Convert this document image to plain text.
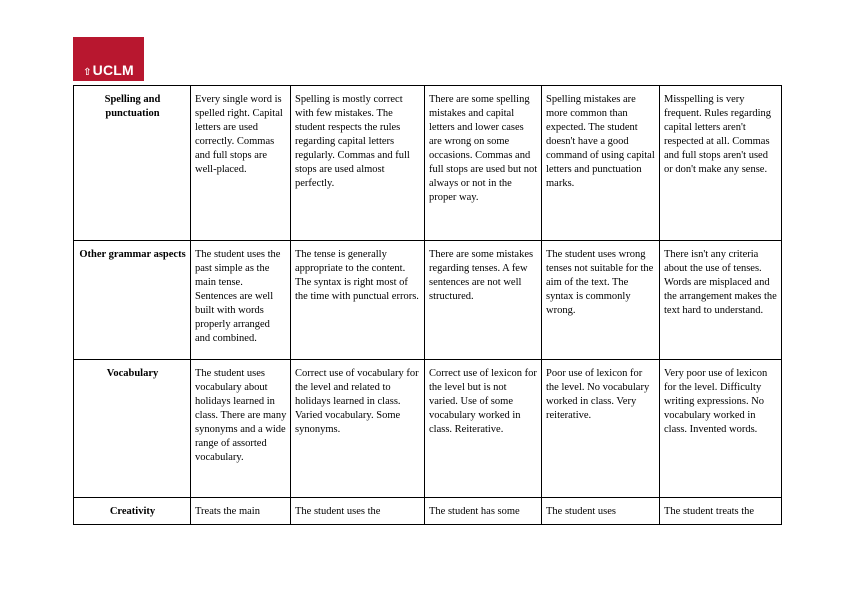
⇧ UCLM
Spelling and punctuation	Every single word is spelled right. Capital letters are used correctly. Commas and full stops are well-placed.	Spelling is mostly correct with few mistakes. The student respects the rules regarding capital letters regularly. Commas and full stops are used almost perfectly.	There are some spelling mistakes and capital letters and lower cases are wrong on some occasions. Commas and full stops are used but not always or not in the proper way.	Spelling mistakes are more common than expected. The student doesn't have a good command of using capital letters and punctuation marks.	Misspelling is very frequent. Rules regarding capital letters aren't respected at all. Commas and full stops aren't used or don't make any sense.
Other grammar aspects	The student uses the past simple as the main tense. Sentences are well built with words properly arranged and combined.	The tense is generally appropriate to the content. The syntax is right most of the time with punctual errors.	There are some mistakes regarding tenses. A few sentences are not well structured.	The student uses wrong tenses not suitable for the aim of the text. The syntax is commonly wrong.	There isn't any criteria about the use of tenses. Words are misplaced and the arrangement makes the text hard to understand.
Vocabulary	The student uses vocabulary about holidays learned in class. There are many synonyms and a wide range of assorted vocabulary.	Correct use of vocabulary for the level and related to holidays learned in class. Varied vocabulary. Some synonyms.	Correct use of lexicon for the level but is not varied. Use of some vocabulary worked in class. Reiterative.	Poor use of lexicon for the level. No vocabulary worked in class. Very reiterative.	Very poor use of lexicon for the level. Difficulty writing expressions. No vocabulary worked in class. Invented words.
Creativity	Treats the main	The student uses the	The student has some	The student uses	The student treats the
